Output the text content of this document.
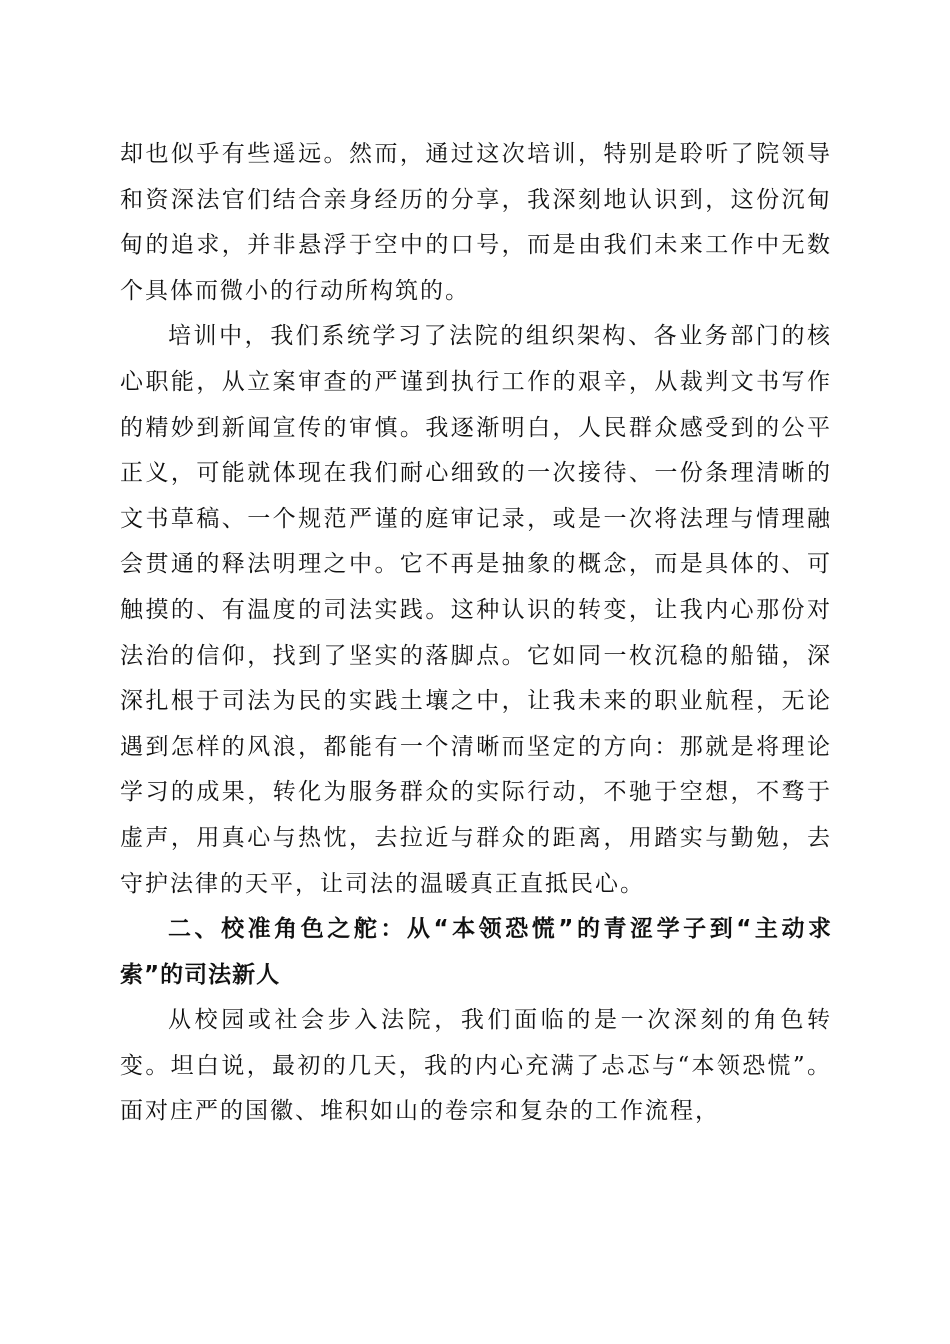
却也似乎有些遥远。然而，通过这次培训，特别是聆听了院领导和资深法官们结合亲身经历的分享，我深刻地认识到，这份沉甸甸的追求，并非悬浮于空中的口号，而是由我们未来工作中无数个具体而微小的行动所构筑的。

培训中，我们系统学习了法院的组织架构、各业务部门的核心职能，从立案审查的严谨到执行工作的艰辛，从裁判文书写作的精妙到新闻宣传的审慎。我逐渐明白，人民群众感受到的公平正义，可能就体现在我们耐心细致的一次接待、一份条理清晰的文书草稿、一个规范严谨的庭审记录，或是一次将法理与情理融会贯通的释法明理之中。它不再是抽象的概念，而是具体的、可触摸的、有温度的司法实践。这种认识的转变，让我内心那份对法治的信仰，找到了坚实的落脚点。它如同一枚沉稳的船锚，深深扎根于司法为民的实践土壤之中，让我未来的职业航程，无论遇到怎样的风浪，都能有一个清晰而坚定的方向：那就是将理论学习的成果，转化为服务群众的实际行动，不驰于空想，不骛于虚声，用真心与热忱，去拉近与群众的距离，用踏实与勤勉，去守护法律的天平，让司法的温暖真正直抵民心。

二、校准角色之舵：从“本领恐慌”的青涩学子到“主动求索”的司法新人

从校园或社会步入法院，我们面临的是一次深刻的角色转变。坦白说，最初的几天，我的内心充满了忐忑与“本领恐慌”。面对庄严的国徽、堆积如山的卷宗和复杂的工作流程，
